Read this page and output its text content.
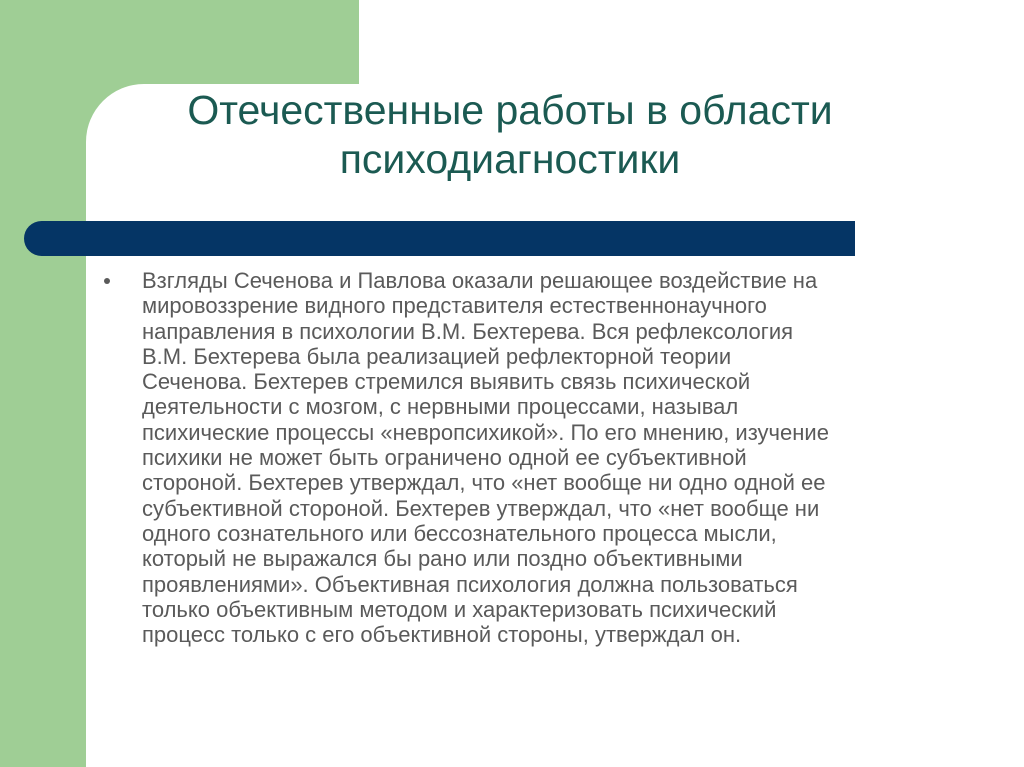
Отечественные работы в области
психодиагностики

Взгляды Сеченова и Павлова оказали решающее воздействие на
мировоззрение видного представителя естественнонаучного
направления в психологии В.М. Бехтерева. Вся рефлексология
В.М. Бехтерева была реализацией рефлекторной теории
Сеченова. Бехтерев стремился выявить связь психической
деятельности с мозгом, с нервными процессами, называл
психические процессы «невропсихикой». По его мнению, изучение
психики не может быть ограничено одной ее субъективной
стороной. Бехтерев утверждал, что «нет вообще ни одно одной ее
субъективной стороной. Бехтерев утверждал, что «нет вообще ни
одного сознательного или бессознательного процесса мысли,
который не выражался бы рано или поздно объективными
проявлениями». Объективная психология должна пользоваться
только объективным методом и характеризовать психический
процесс только с его объективной стороны, утверждал он.
